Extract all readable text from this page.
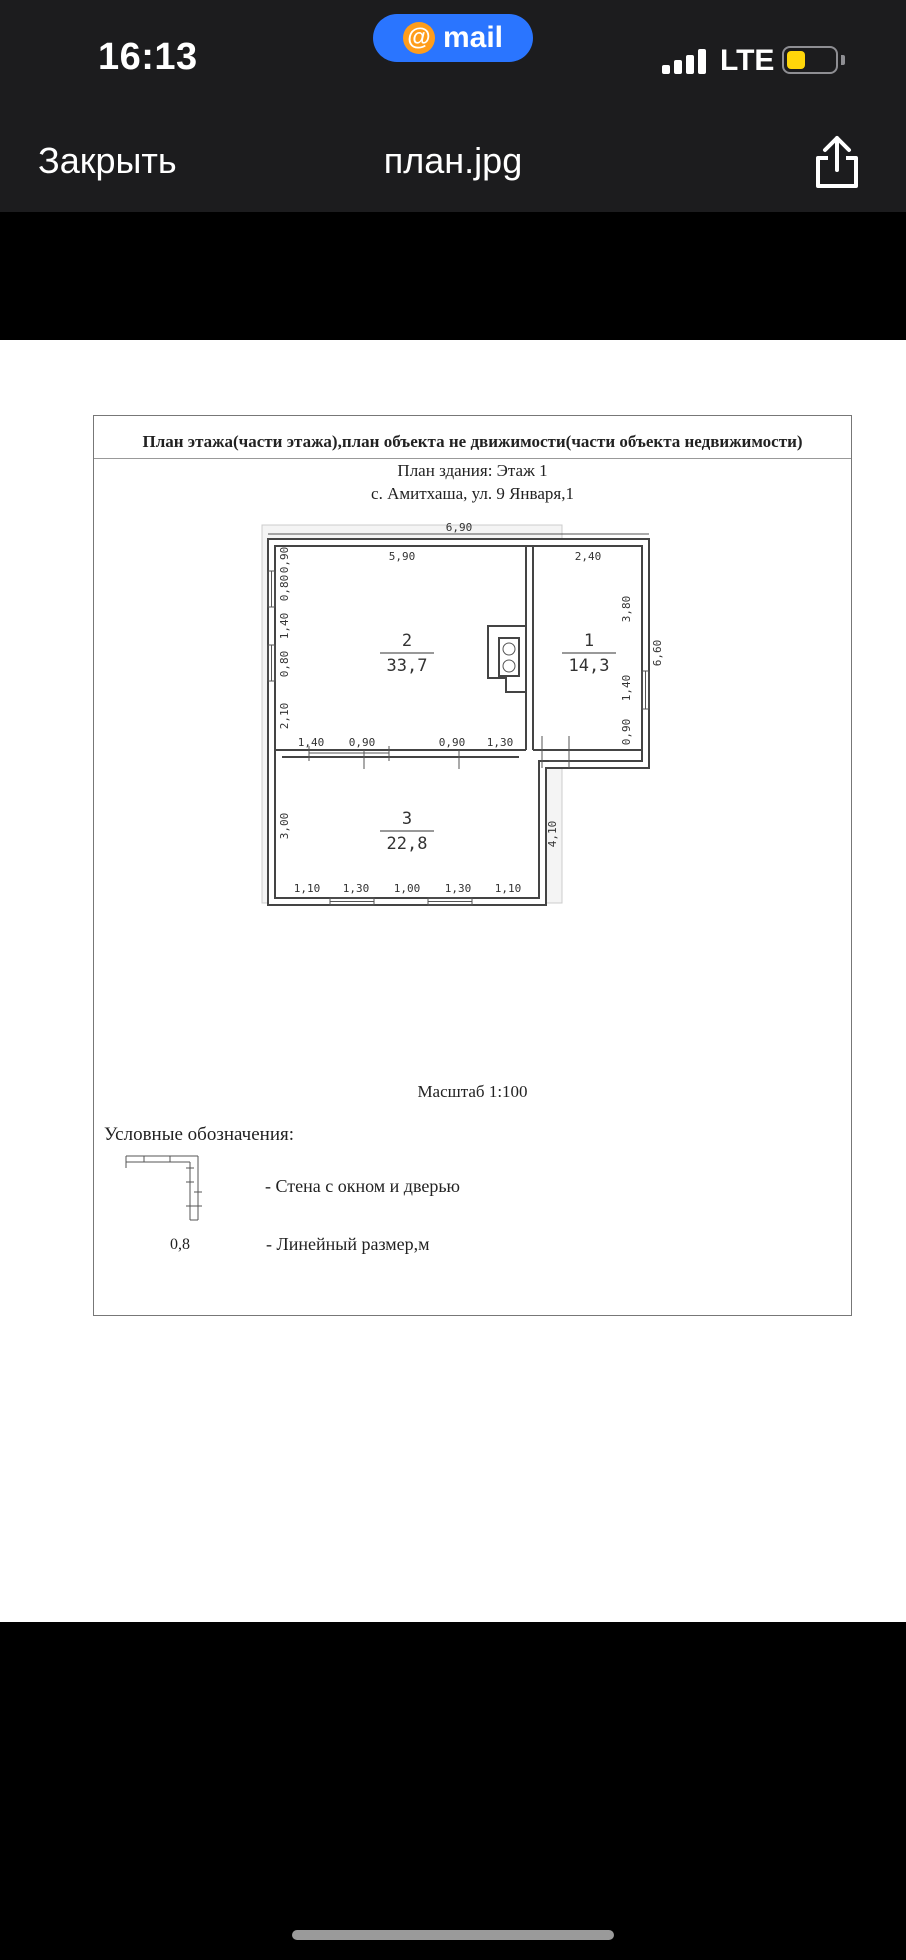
16:13	@ mail
LTE
Закрыть	план.jpg
План этажа(части этажа),план объекта не движимости(части объекта недвижимости)
План здания: Этаж 1
с. Амитхаша, ул. 9 Января,1
2
33,7
1
14,3
3
22,8
6,90
5,90	2,40
1,40 0,90	0,90 1,30
1,10 1,30 1,00 1,30 1,10
0,90
0,80
1,40
0,80
2,10
3,00
3,80
1,40
0,90
6,60
4,10
Масштаб 1:100
Условные обозначения:
- Стена с окном и дверью
0,8	- Линейный размер,м
